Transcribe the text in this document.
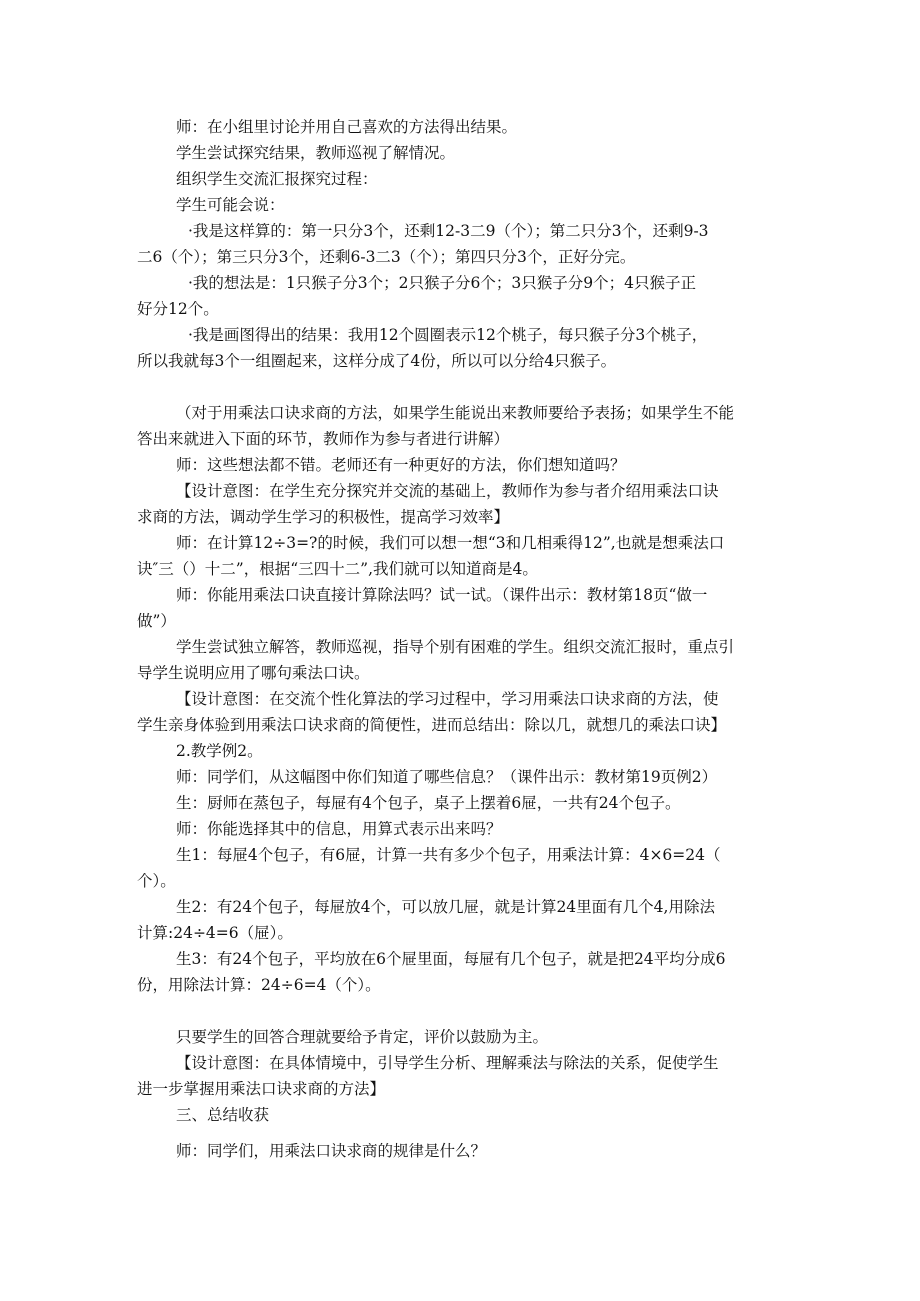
师：在小组里讨论并用自己喜欢的方法得出结果。
学生尝试探究结果，教师巡视了解情况。
组织学生交流汇报探究过程：
学生可能会说：
·我是这样算的：第一只分3个，还剩12-3二9（个）；第二只分3个，还剩9-3
二6（个）；第三只分3个，还剩6-3二3（个）；第四只分3个，正好分完。
·我的想法是：1只猴子分3个；2只猴子分6个；3只猴子分9个；4只猴子正
好分12个。
·我是画图得出的结果：我用12个圆圈表示12个桃子，每只猴子分3个桃子，
所以我就每3个一组圈起来，这样分成了4份，所以可以分给4只猴子。
（对于用乘法口诀求商的方法，如果学生能说出来教师要给予表扬；如果学生不能
答出来就进入下面的环节，教师作为参与者进行讲解）
师：这些想法都不错。老师还有一种更好的方法，你们想知道吗？
【设计意图：在学生充分探究并交流的基础上，教师作为参与者介绍用乘法口诀
求商的方法，调动学生学习的积极性，提高学习效率】
师：在计算12÷3=?的时候，我们可以想一想“3和几相乘得12”,也就是想乘法口
诀″三（）十二”，根据“三四十二”,我们就可以知道商是4。
师：你能用乘法口诀直接计算除法吗？试一试。（课件出示：教材第18页“做一
做”）
学生尝试独立解答，教师巡视，指导个别有困难的学生。组织交流汇报时，重点引
导学生说明应用了哪句乘法口诀。
【设计意图：在交流个性化算法的学习过程中，学习用乘法口诀求商的方法，使
学生亲身体验到用乘法口诀求商的简便性，进而总结出：除以几，就想几的乘法口诀】
2.教学例2。
师：同学们，从这幅图中你们知道了哪些信息？（课件出示：教材第19页例2）
生：厨师在蒸包子，每屉有4个包子，桌子上摆着6屉，一共有24个包子。
师：你能选择其中的信息，用算式表示出来吗？
生1：每屉4个包子，有6屉，计算一共有多少个包子，用乘法计算：4×6=24（
个）。
生2：有24个包子，每屉放4个，可以放几屉，就是计算24里面有几个4,用除法
计算:24÷4=6（屉）。
生3：有24个包子，平均放在6个屉里面，每屉有几个包子，就是把24平均分成6
份，用除法计算：24÷6=4（个）。
只要学生的回答合理就要给予肯定，评价以鼓励为主。
【设计意图：在具体情境中，引导学生分析、理解乘法与除法的关系，促使学生
进一步掌握用乘法口诀求商的方法】
三、总结收获
师：同学们，用乘法口诀求商的规律是什么？
